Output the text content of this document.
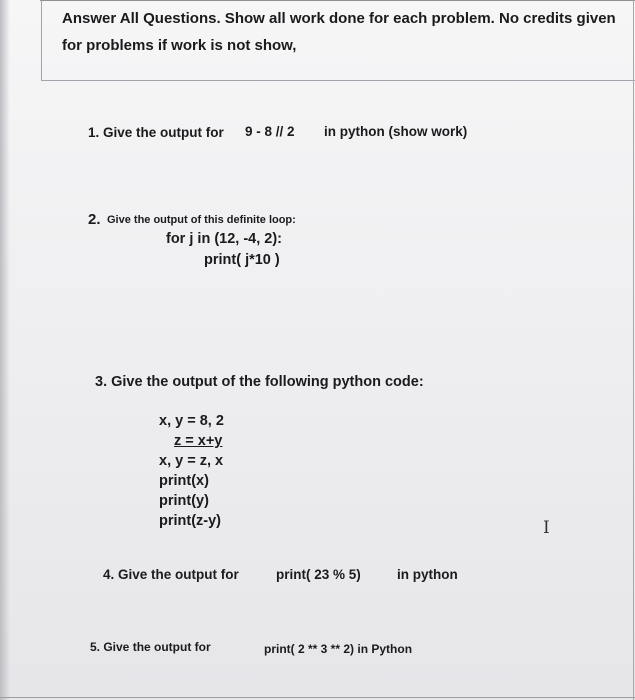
Answer All Questions. Show all work done for each problem. No credits given
for problems if work is not show,
1. Give the output for 9 - 8 // 2 in python (show work)
2. Give the output of this definite loop:
for j in (12, -4, 2):
print( j*10 )
3. Give the output of the following python code:
x, y = 8, 2
z = x+y
x, y = z, x
print(x)
print(y)
print(z-y)	I
4. Give the output for	print( 23 % 5)	in python
5. Give the output for	print( 2 ** 3 ** 2) in Python
